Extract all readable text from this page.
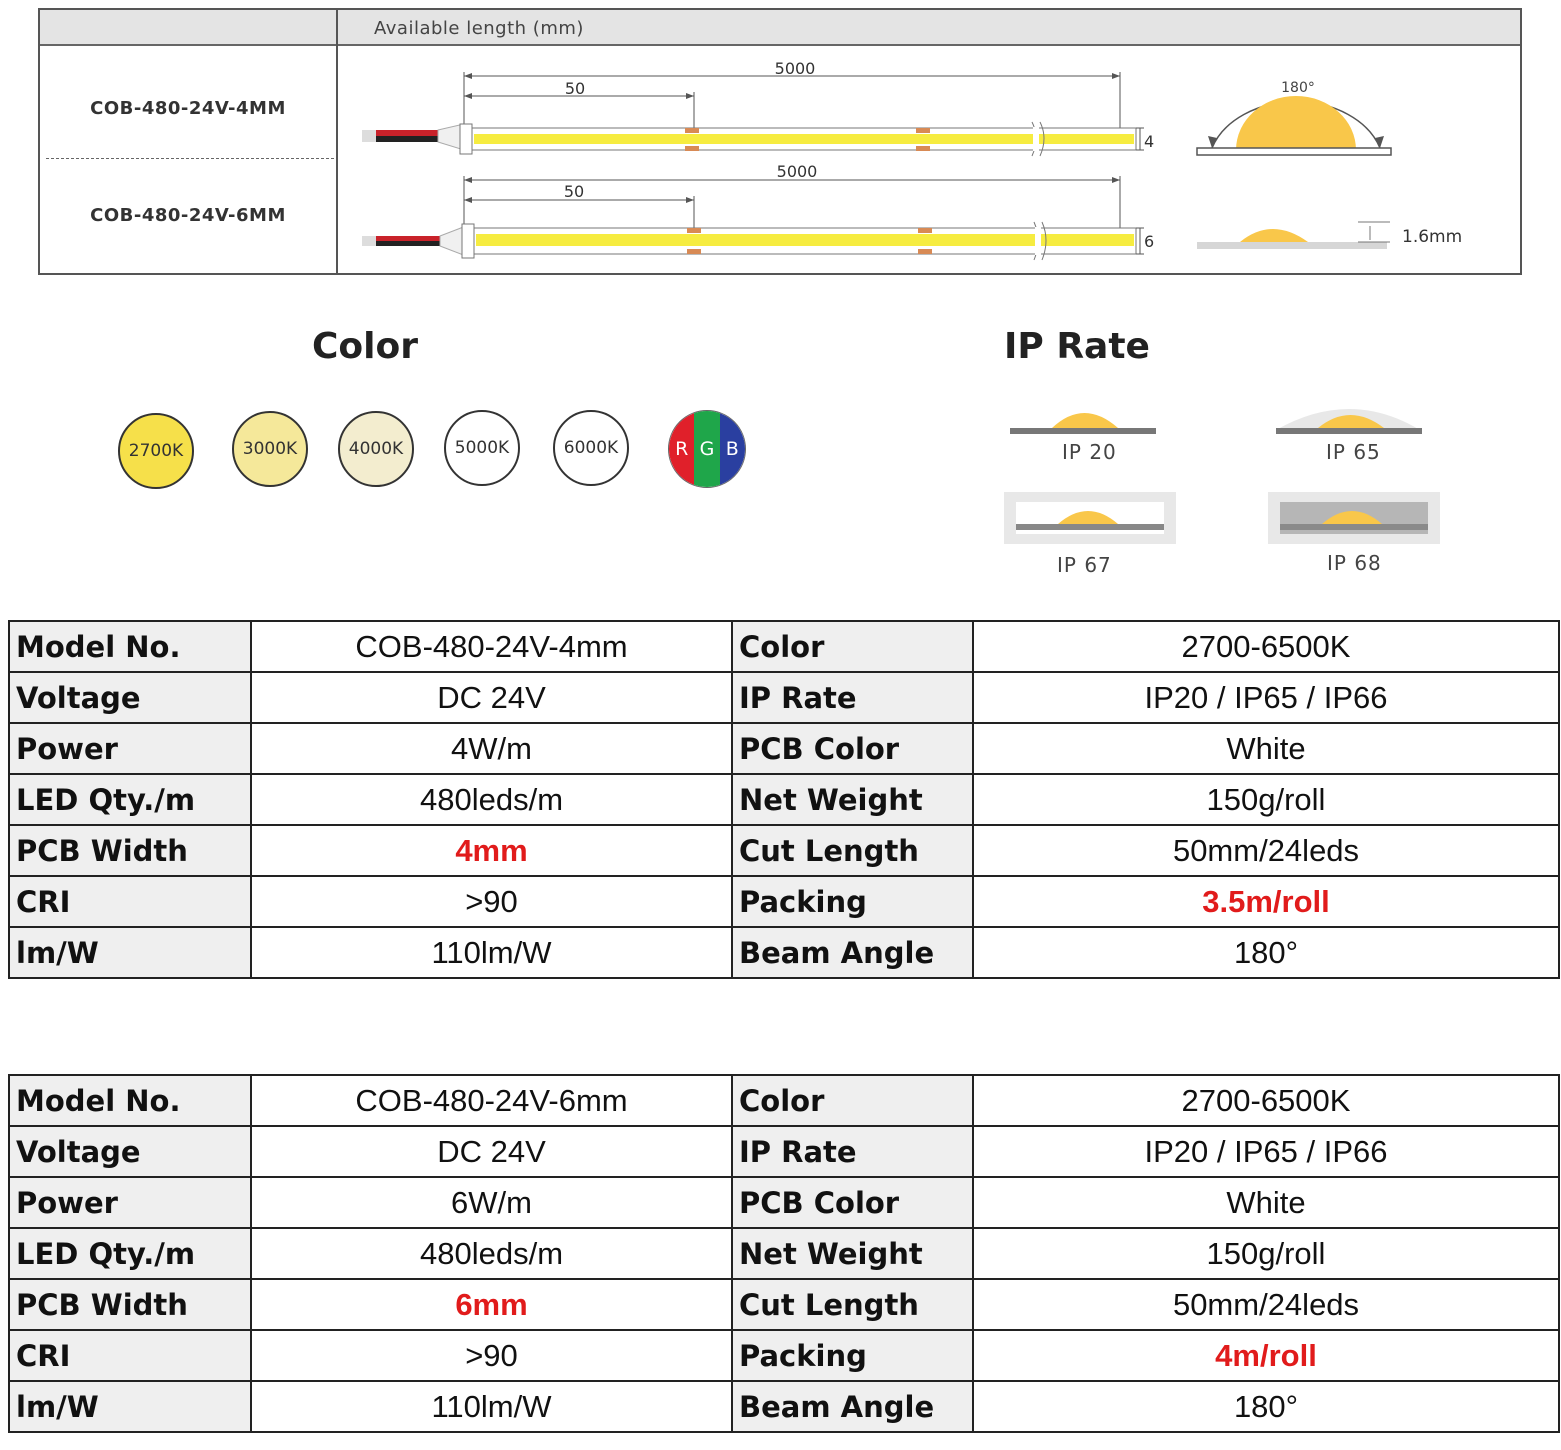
Available length (mm)
COB-480-24V-4MM
COB-480-24V-6MM
5000
50
4
5000
50
6
180°
1.6mm
Color
2700K	3000K	4000K	5000K	6000K	R G B
IP Rate
IP 20	IP 65
IP 67	IP 68
Model No.	COB-480-24V-4mm	Color	2700-6500K
Voltage	DC 24V	IP Rate	IP20 / IP65 / IP66
Power	4W/m	PCB Color	White
LED Qty./m	480leds/m	Net Weight	150g/roll
PCB Width	4mm	Cut Length	50mm/24leds
CRI	>90	Packing	3.5m/roll
lm/W	110lm/W	Beam Angle	180°
Model No.	COB-480-24V-6mm	Color	2700-6500K
Voltage	DC 24V	IP Rate	IP20 / IP65 / IP66
Power	6W/m	PCB Color	White
LED Qty./m	480leds/m	Net Weight	150g/roll
PCB Width	6mm	Cut Length	50mm/24leds
CRI	>90	Packing	4m/roll
lm/W	110lm/W	Beam Angle	180°
